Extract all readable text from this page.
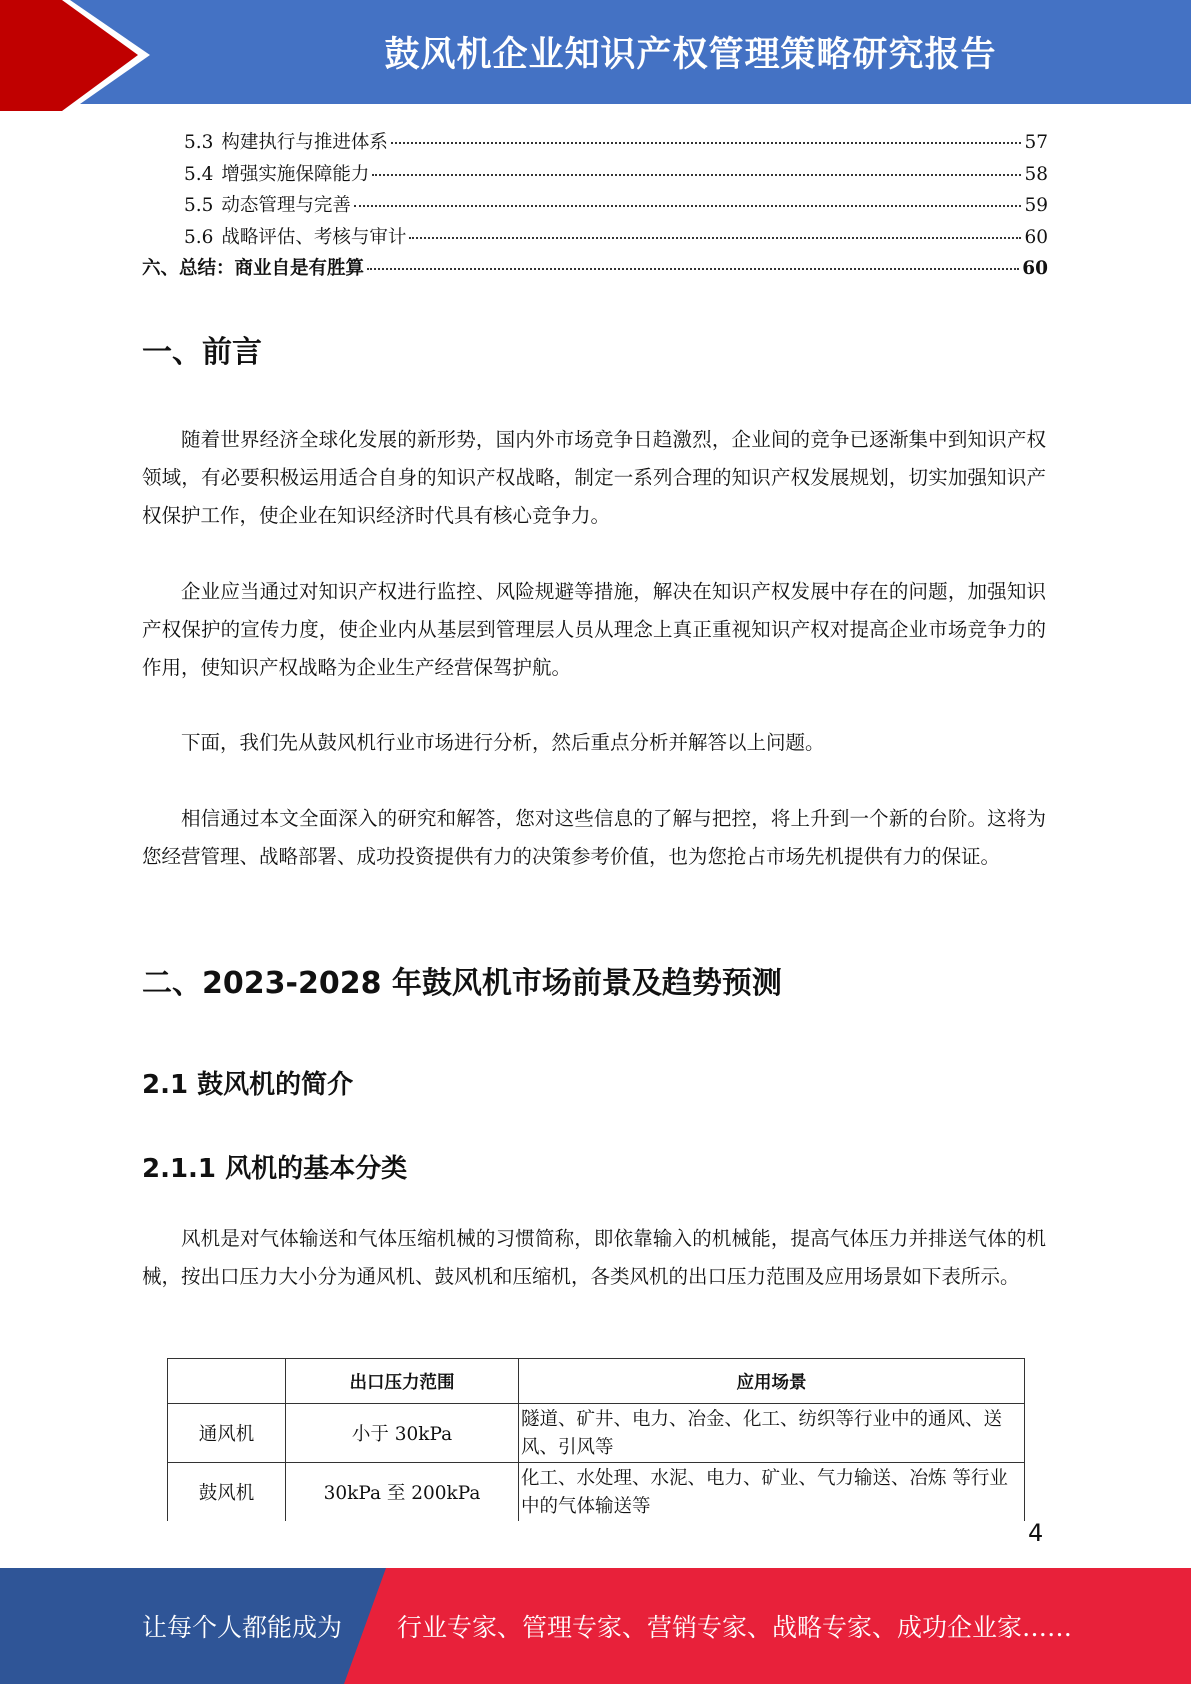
鼓风机企业知识产权管理策略研究报告
5.3 构建执行与推进体系	57
5.4 增强实施保障能力	58
5.5 动态管理与完善	59
5.6 战略评估、考核与审计	60
六、总结：商业自是有胜算	60
一、前言
随着世界经济全球化发展的新形势，国内外市场竞争日趋激烈，企业间的竞争已逐渐集中到知识产权领域，有必要积极运用适合自身的知识产权战略，制定一系列合理的知识产权发展规划，切实加强知识产权保护工作，使企业在知识经济时代具有核心竞争力。
企业应当通过对知识产权进行监控、风险规避等措施，解决在知识产权发展中存在的问题，加强知识产权保护的宣传力度，使企业内从基层到管理层人员从理念上真正重视知识产权对提高企业市场竞争力的作用，使知识产权战略为企业生产经营保驾护航。
下面，我们先从鼓风机行业市场进行分析，然后重点分析并解答以上问题。
相信通过本文全面深入的研究和解答，您对这些信息的了解与把控，将上升到一个新的台阶。这将为您经营管理、战略部署、成功投资提供有力的决策参考价值，也为您抢占市场先机提供有力的保证。
二、2023-2028 年鼓风机市场前景及趋势预测
2.1 鼓风机的简介
2.1.1 风机的基本分类
风机是对气体输送和气体压缩机械的习惯简称，即依靠输入的机械能，提高气体压力并排送气体的机械，按出口压力大小分为通风机、鼓风机和压缩机，各类风机的出口压力范围及应用场景如下表所示。
	出口压力范围	应用场景
通风机	小于 30kPa	隧道、矿井、电力、冶金、化工、纺织等行业中的通风、送风、引风等
鼓风机	30kPa 至 200kPa	化工、水处理、水泥、电力、矿业、气力输送、冶炼 等行业中的气体输送等
4
让每个人都能成为 行业专家、管理专家、营销专家、战略专家、成功企业家……
